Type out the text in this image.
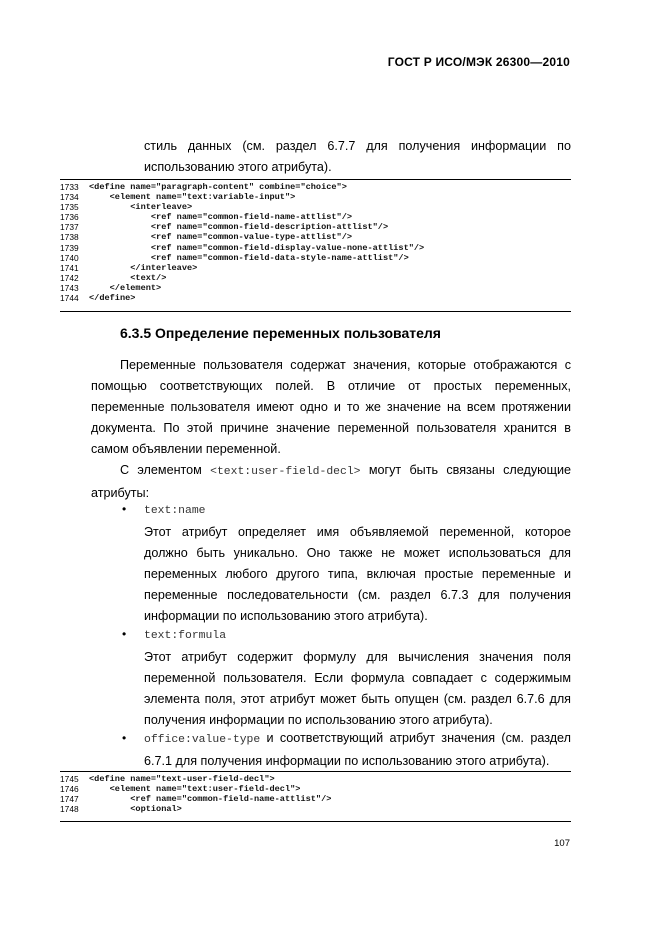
ГОСТ Р ИСО/МЭК 26300—2010
стиль данных (см. раздел 6.7.7 для получения информации по использованию этого атрибута).
1733 <define name="paragraph-content" combine="choice">
1734 <element name="text:variable-input">
1735 <interleave>
1736 <ref name="common-field-name-attlist"/>
1737 <ref name="common-field-description-attlist"/>
1738 <ref name="common-value-type-attlist"/>
1739 <ref name="common-field-display-value-none-attlist"/>
1740 <ref name="common-field-data-style-name-attlist"/>
1741 </interleave>
1742 <text/>
1743 </element>
1744 </define>
6.3.5 Определение переменных пользователя
Переменные пользователя содержат значения, которые отображаются с помощью соответствующих полей. В отличие от простых переменных, переменные пользователя имеют одно и то же значение на всем протяжении документа. По этой причине значение переменной пользователя хранится в самом объявлении переменной.
С элементом <text:user-field-decl> могут быть связаны следующие атрибуты:
• text:name
Этот атрибут определяет имя объявляемой переменной, которое должно быть уникально. Оно также не может использоваться для переменных любого другого типа, включая простые переменные и переменные последовательности (см. раздел 6.7.3 для получения информации по использованию этого атрибута).
• text:formula
Этот атрибут содержит формулу для вычисления значения поля переменной пользователя. Если формула совпадает с содержимым элемента поля, этот атрибут может быть опущен (см. раздел 6.7.6 для получения информации по использованию этого атрибута).
• office:value-type и соответствующий атрибут значения (см. раздел 6.7.1 для получения информации по использованию этого атрибута).
1745 <define name="text-user-field-decl">
1746 <element name="text:user-field-decl">
1747 <ref name="common-field-name-attlist"/>
1748 <optional>
107
